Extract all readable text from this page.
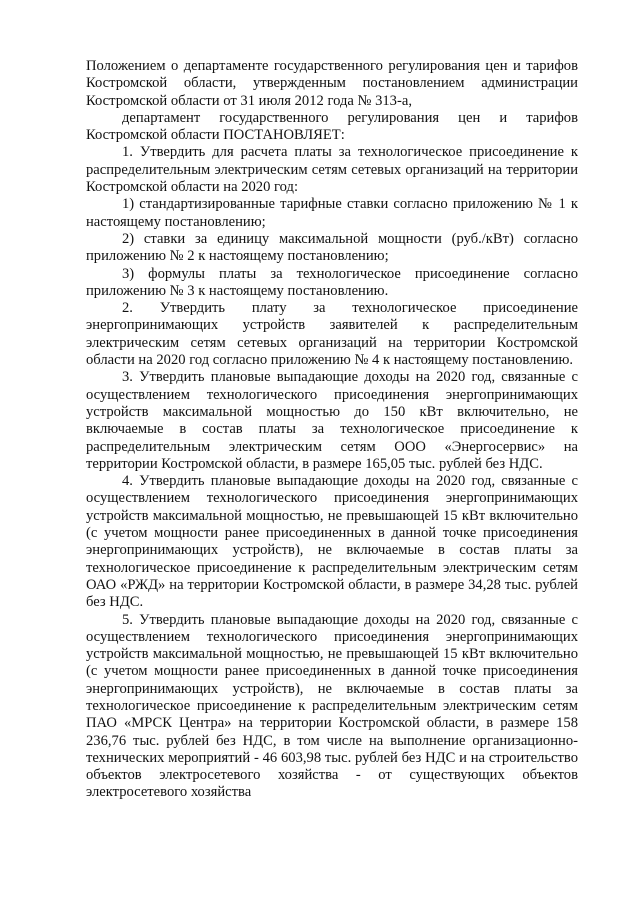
Положением о департаменте государственного регулирования цен и тарифов Костромской области, утвержденным постановлением администрации Костромской области от 31 июля 2012 года № 313-а,

департамент государственного регулирования цен и тарифов Костромской области ПОСТАНОВЛЯЕТ:

1. Утвердить для расчета платы за технологическое присоединение к распределительным электрическим сетям сетевых организаций на территории Костромской области на 2020 год:

1) стандартизированные тарифные ставки согласно приложению № 1 к настоящему постановлению;

2) ставки за единицу максимальной мощности (руб./кВт) согласно приложению № 2 к настоящему постановлению;

3) формулы платы за технологическое присоединение согласно приложению № 3 к настоящему постановлению.

2. Утвердить плату за технологическое присоединение энергопринимающих устройств заявителей к распределительным электрическим сетям сетевых организаций на территории Костромской области на 2020 год согласно приложению № 4 к настоящему постановлению.

3. Утвердить плановые выпадающие доходы на 2020 год, связанные с осуществлением технологического присоединения энергопринимающих устройств максимальной мощностью до 150 кВт включительно, не включаемые в состав платы за технологическое присоединение к распределительным электрическим сетям ООО «Энергосервис» на территории Костромской области, в размере 165,05 тыс. рублей без НДС.

4. Утвердить плановые выпадающие доходы на 2020 год, связанные с осуществлением технологического присоединения энергопринимающих устройств максимальной мощностью, не превышающей 15 кВт включительно (с учетом мощности ранее присоединенных в данной точке присоединения энергопринимающих устройств), не включаемые в состав платы за технологическое присоединение к распределительным электрическим сетям ОАО «РЖД» на территории Костромской области, в размере 34,28 тыс. рублей без НДС.

5. Утвердить плановые выпадающие доходы на 2020 год, связанные с осуществлением технологического присоединения энергопринимающих устройств максимальной мощностью, не превышающей 15 кВт включительно (с учетом мощности ранее присоединенных в данной точке присоединения энергопринимающих устройств), не включаемые в состав платы за технологическое присоединение к распределительным электрическим сетям ПАО «МРСК Центра» на территории Костромской области, в размере 158 236,76 тыс. рублей без НДС, в том числе на выполнение организационно-технических мероприятий - 46 603,98 тыс. рублей без НДС и на строительство объектов электросетевого хозяйства - от существующих объектов электросетевого хозяйства
